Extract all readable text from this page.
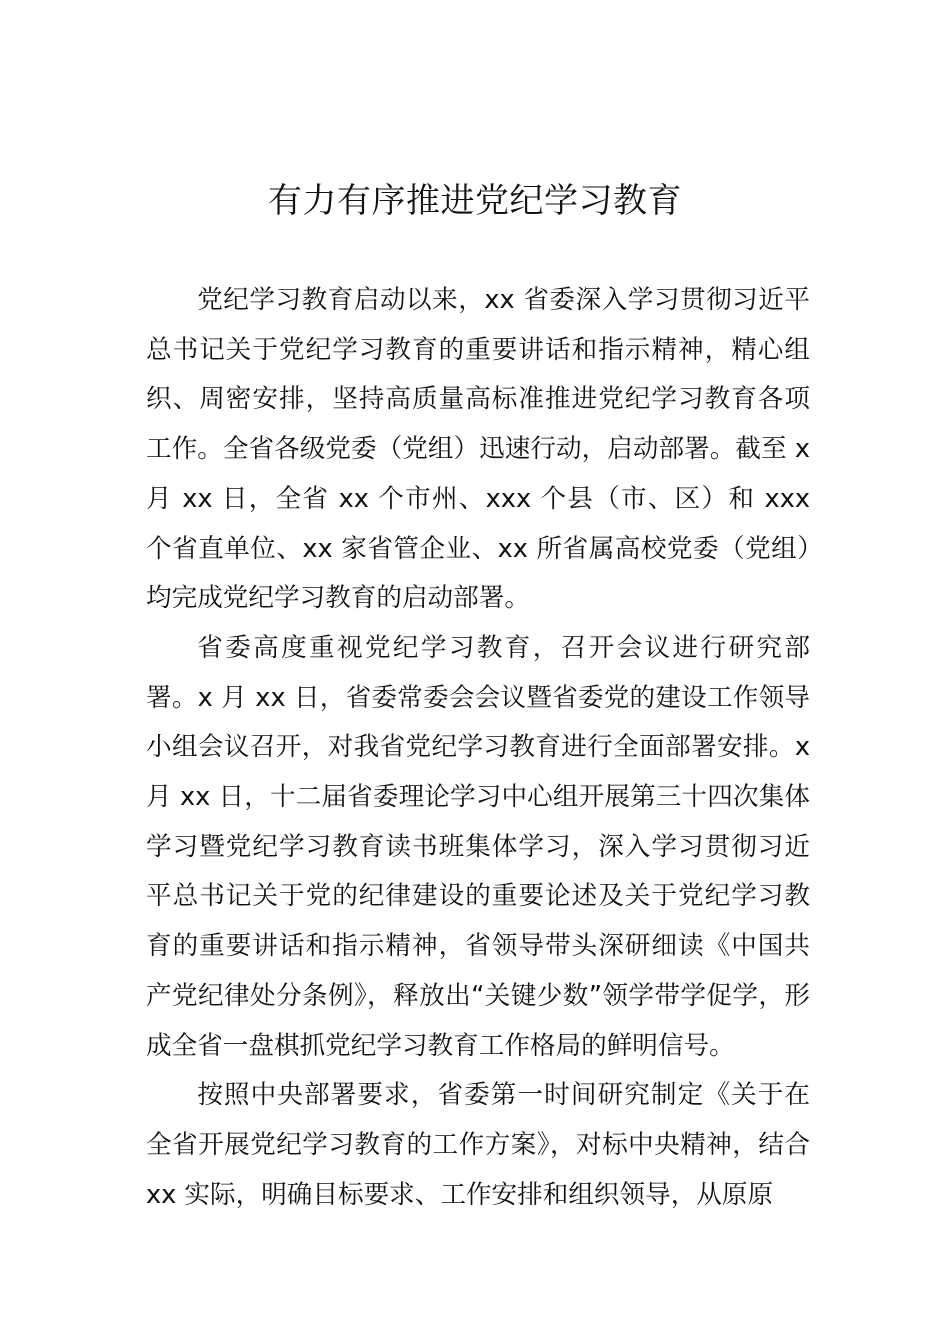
有力有序推进党纪学习教育

党纪学习教育启动以来，xx 省委深入学习贯彻习近平总书记关于党纪学习教育的重要讲话和指示精神，精心组织、周密安排，坚持高质量高标准推进党纪学习教育各项工作。全省各级党委（党组）迅速行动，启动部署。截至 x 月 xx 日，全省 xx 个市州、xxx 个县（市、区）和 xxx 个省直单位、xx 家省管企业、xx 所省属高校党委（党组）均完成党纪学习教育的启动部署。

省委高度重视党纪学习教育，召开会议进行研究部署。x 月 xx 日，省委常委会会议暨省委党的建设工作领导小组会议召开，对我省党纪学习教育进行全面部署安排。x 月 xx 日，十二届省委理论学习中心组开展第三十四次集体学习暨党纪学习教育读书班集体学习，深入学习贯彻习近平总书记关于党的纪律建设的重要论述及关于党纪学习教育的重要讲话和指示精神，省领导带头深研细读《中国共产党纪律处分条例》，释放出“关键少数”领学带学促学，形成全省一盘棋抓党纪学习教育工作格局的鲜明信号。

按照中央部署要求，省委第一时间研究制定《关于在全省开展党纪学习教育的工作方案》，对标中央精神，结合 xx 实际，明确目标要求、工作安排和组织领导，从原原
